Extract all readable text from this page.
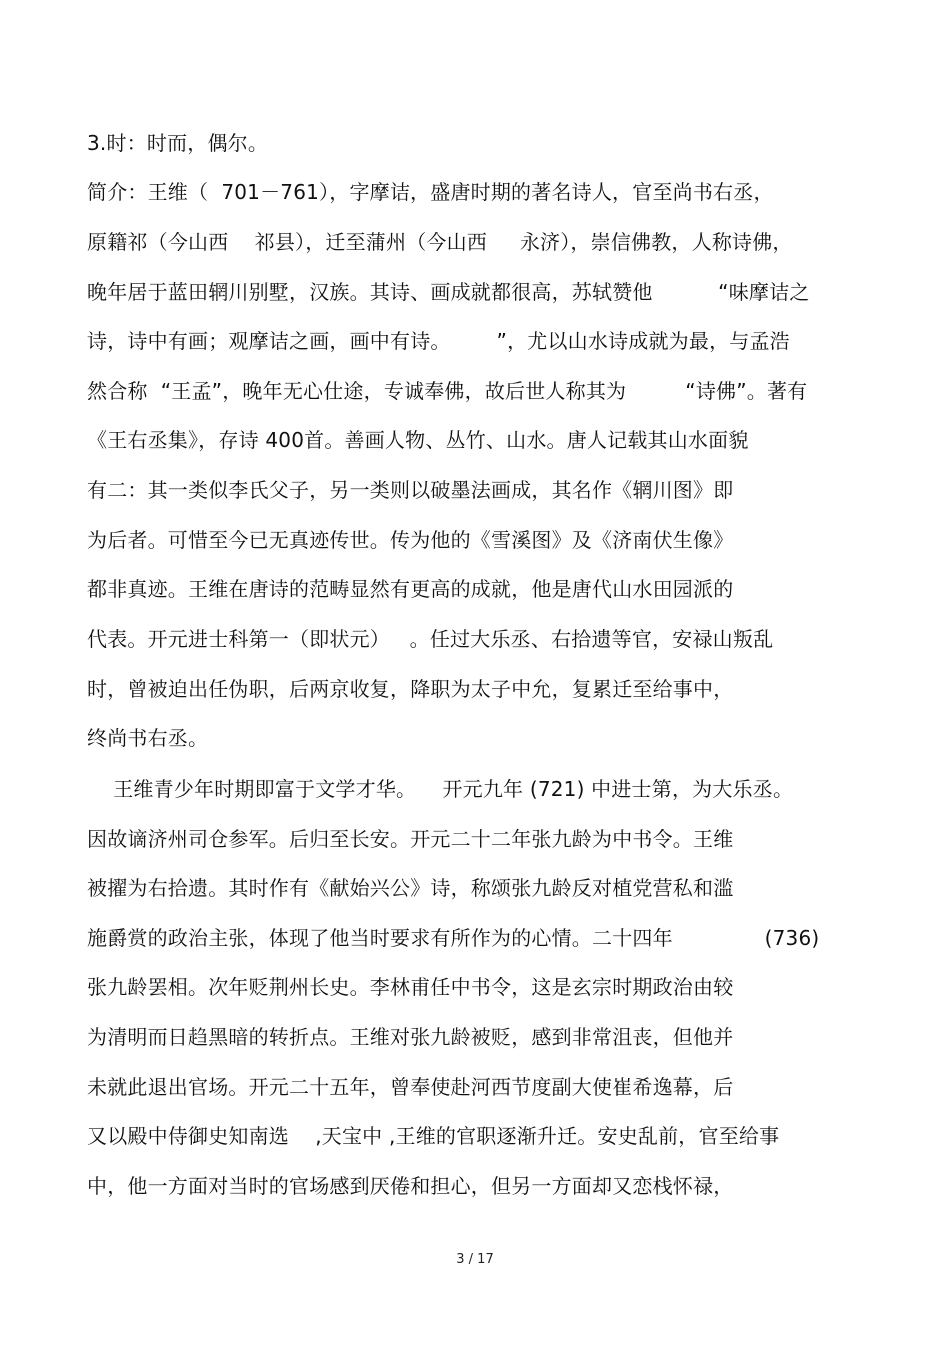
3.时：时而，偶尔。
简介：王维（  701－761），字摩诘，盛唐时期的著名诗人，官至尚书右丞，
原籍祁（今山西    祁县），迁至蒲州（今山西     永济），崇信佛教，人称诗佛，
晚年居于蓝田辋川别墅，汉族。其诗、画成就都很高，苏轼赞他          “味摩诘之
诗，诗中有画；观摩诘之画，画中有诗。       ”，尤以山水诗成就为最，与孟浩
然合称  “王孟”，晚年无心仕途，专诚奉佛，故后世人称其为         “诗佛”。著有
《王右丞集》，存诗 400首。善画人物、丛竹、山水。唐人记载其山水面貌
有二：其一类似李氏父子，另一类则以破墨法画成，其名作《辋川图》即
为后者。可惜至今已无真迹传世。传为他的《雪溪图》及《济南伏生像》
都非真迹。王维在唐诗的范畴显然有更高的成就，他是唐代山水田园派的
代表。开元进士科第一（即状元）   。任过大乐丞、右拾遗等官，安禄山叛乱
时，曾被迫出任伪职，后两京收复，降职为太子中允，复累迁至给事中，
终尚书右丞。
王维青少年时期即富于文学才华。    开元九年 (721) 中进士第，为大乐丞。
因故谪济州司仓参军。后归至长安。开元二十二年张九龄为中书令。王维
被擢为右拾遗。其时作有《献始兴公》诗，称颂张九龄反对植党营私和滥
施爵赏的政治主张，体现了他当时要求有所作为的心情。二十四年              (736)
张九龄罢相。次年贬荆州长史。李林甫任中书令，这是玄宗时期政治由较
为清明而日趋黑暗的转折点。王维对张九龄被贬，感到非常沮丧，但他并
未就此退出官场。开元二十五年，曾奉使赴河西节度副大使崔希逸幕，后
又以殿中侍御史知南选    ,天宝中 ,王维的官职逐渐升迁。安史乱前，官至给事
中，他一方面对当时的官场感到厌倦和担心，但另一方面却又恋栈怀禄，
3 / 17
